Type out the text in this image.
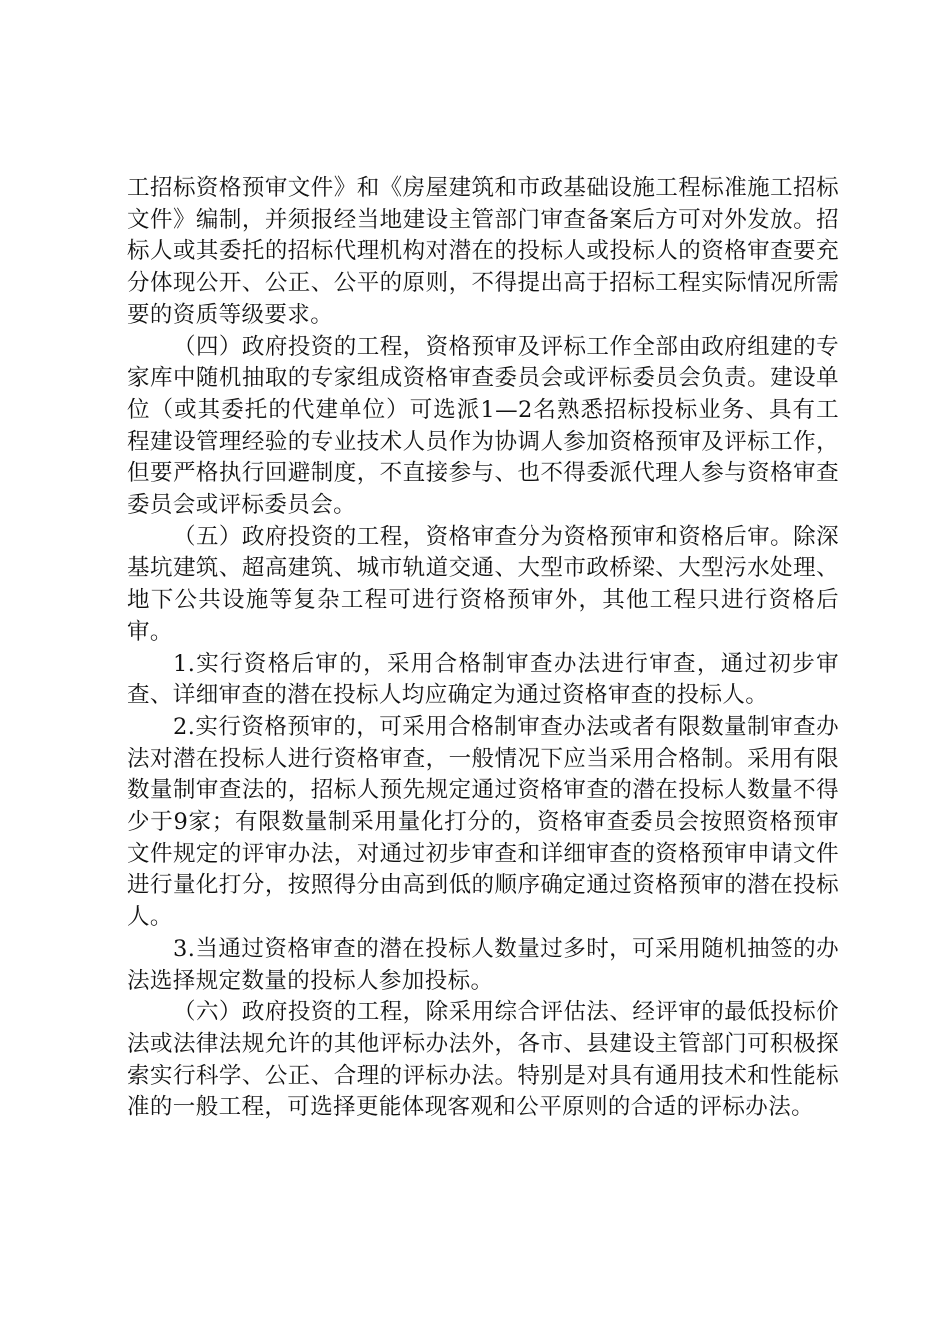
工招标资格预审文件》和《房屋建筑和市政基础设施工程标准施工招标文件》编制，并须报经当地建设主管部门审查备案后方可对外发放。招标人或其委托的招标代理机构对潜在的投标人或投标人的资格审查要充分体现公开、公正、公平的原则，不得提出高于招标工程实际情况所需要的资质等级要求。

（四）政府投资的工程，资格预审及评标工作全部由政府组建的专家库中随机抽取的专家组成资格审查委员会或评标委员会负责。建设单位（或其委托的代建单位）可选派1—2名熟悉招标投标业务、具有工程建设管理经验的专业技术人员作为协调人参加资格预审及评标工作，但要严格执行回避制度，不直接参与、也不得委派代理人参与资格审查委员会或评标委员会。

（五）政府投资的工程，资格审查分为资格预审和资格后审。除深基坑建筑、超高建筑、城市轨道交通、大型市政桥梁、大型污水处理、地下公共设施等复杂工程可进行资格预审外，其他工程只进行资格后审。

1.实行资格后审的，采用合格制审查办法进行审查，通过初步审查、详细审查的潜在投标人均应确定为通过资格审查的投标人。

2.实行资格预审的，可采用合格制审查办法或者有限数量制审查办法对潜在投标人进行资格审查，一般情况下应当采用合格制。采用有限数量制审查法的，招标人预先规定通过资格审查的潜在投标人数量不得少于9家；有限数量制采用量化打分的，资格审查委员会按照资格预审文件规定的评审办法，对通过初步审查和详细审查的资格预审申请文件进行量化打分，按照得分由高到低的顺序确定通过资格预审的潜在投标人。

3.当通过资格审查的潜在投标人数量过多时，可采用随机抽签的办法选择规定数量的投标人参加投标。

（六）政府投资的工程，除采用综合评估法、经评审的最低投标价法或法律法规允许的其他评标办法外，各市、县建设主管部门可积极探索实行科学、公正、合理的评标办法。特别是对具有通用技术和性能标准的一般工程，可选择更能体现客观和公平原则的合适的评标办法。
